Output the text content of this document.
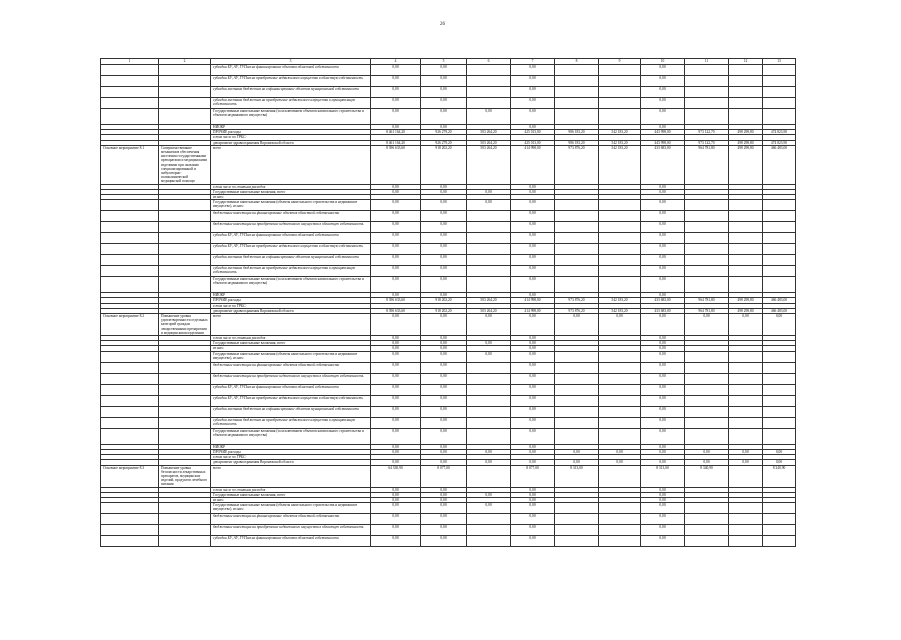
26
1	2	3	4	5	6	7	8	9	10	11	12	13
		субсидии БУ, АУ, ГУПам на финансирование объектов областной собственности	0,00	0,00		0,00			0,00			
		субсидии БУ, АУ, ГУПам на приобретение недвижимого имущества в областную собственность	0,00	0,00		0,00			0,00			
		субсидии местным бюджетам на софинансирование объектов муниципальной собственности	0,00	0,00		0,00			0,00			
		субсидии местным бюджетам на приобретение недвижимого имущества в муниципальную собственность	0,00	0,00		0,00			0,00			
		Государственные капитальные вложения (за исключением объектов капитального строительства и объектов недвижимого имущества)	0,00	0,00	0,00	0,00			0,00			
		НИОКР	0,00	0,00		0,00			0,00			
		ПРОЧИЕ расходы	8 461 164,20	926 279,20	503 264,20	425 013,00	986 183,20	542 183,20	443 998,00	973 122,70	498 298,80	474 823,90
		в том числе по ГРБС:										
		департамент здравоохранения Воронежской области	8 461 164,20	926 279,20	503 264,20	425 013,00	986 183,20	542 183,20	443 998,00	973 122,70	498 298,80	474 823,90
Основное мероприятие 8.1	Совершенствование механизмов обеспечения населения государственными препаратами и медицинскими изделиями при оказании специализированной и амбулаторно-поликлинической медицинской помощи	всего	8 396 633,60	918 202,20	503 264,20	414 998,00	973 876,20	542 183,20	433 683,00	964 781,80	498 298,80	466 483,00
		в том числе по статьям расходов	0,00	0,00		0,00			0,00			
		Государственные капитальные вложения, всего	0,00	0,00	0,00	0,00			0,00			
		из них:										
		Государственные капитальные вложения (объекты капитального строительства и недвижимое имущество), из них:	0,00	0,00	0,00	0,00			0,00			
		бюджетные инвестиции на финансирование объектов областной собственности	0,00	0,00		0,00			0,00			
		бюджетные инвестиции на приобретение недвижимого имущества в областную собственность	0,00	0,00		0,00			0,00			
		субсидии БУ, АУ, ГУПам на финансирование объектов областной собственности	0,00	0,00		0,00			0,00			
		субсидии БУ, АУ, ГУПам на приобретение недвижимого имущества в областную собственность	0,00	0,00		0,00			0,00			
		субсидии местным бюджетам на софинансирование объектов муниципальной собственности	0,00	0,00		0,00			0,00			
		субсидии местным бюджетам на приобретение недвижимого имущества в муниципальную собственность	0,00	0,00		0,00			0,00			
		Государственные капитальные вложения (за исключением объектов капитального строительства и объектов недвижимого имущества)	0,00	0,00		0,00			0,00			
		НИОКР	0,00	0,00		0,00			0,00			
		ПРОЧИЕ расходы	8 396 633,60	918 202,20	503 264,20	414 998,00	973 876,20	542 183,20	433 683,00	964 781,80	498 298,80	466 483,00
		в том числе по ГРБС:										
		департамент здравоохранения Воронежской области	8 396 633,60	918 202,20	503 264,20	414 998,00	973 876,20	542 183,20	433 683,00	964 781,80	498 298,80	466 483,00
Основное мероприятие 8.2	Повышение уровня удовлетворенности отдельных категорий граждан лекарственными препаратами и медицинскими изделиями	всего	0,00	0,00	0,00	0,00	0,00	0,00	0,00	0,00	0,00	0,00
		в том числе по статьям расходов	0,00	0,00		0,00			0,00			
		Государственные капитальные вложения, всего	0,00	0,00	0,00	0,00			0,00			
		из них:	0,00	0,00		0,00			0,00			
		Государственные капитальные вложения (объекты капитального строительства и недвижимое имущество), из них:	0,00	0,00	0,00	0,00			0,00			
		бюджетные инвестиции на финансирование объектов областной собственности	0,00	0,00		0,00			0,00			
		бюджетные инвестиции на приобретение недвижимого имущества в областную собственность	0,00	0,00		0,00			0,00			
		субсидии БУ, АУ, ГУПам на финансирование объектов областной собственности	0,00	0,00		0,00			0,00			
		субсидии БУ, АУ, ГУПам на приобретение недвижимого имущества в областную собственность	0,00	0,00		0,00			0,00			
		субсидии местным бюджетам на софинансирование объектов муниципальной собственности	0,00	0,00		0,00			0,00			
		субсидии местным бюджетам на приобретение недвижимого имущества в муниципальную собственность	0,00	0,00		0,00			0,00			
		Государственные капитальные вложения (за исключением объектов капитального строительства и объектов недвижимого имущества)	0,00	0,00		0,00			0,00			
		НИОКР	0,00	0,00		0,00			0,00			
		ПРОЧИЕ расходы	0,00	0,00	0,00	0,00	0,00	0,00	0,00	0,00	0,00	0,00
		в том числе по ГРБС:										
		департамент здравоохранения Воронежской области	0,00	0,00	0,00	0,00	0,00	0,00	0,00	0,00	0,00	0,00
Основное мероприятие 8.3	Повышение уровня безопасности лекарственных препаратов, медицинских изделий, продуктов лечебного питания	всего	64 330,90	8 077,00		8 077,00	8 313,00		8 313,00	8 340,90		8 340,90
		в том числе по статьям расходов	0,00	0,00		0,00			0,00			
		Государственные капитальные вложения, всего	0,00	0,00	0,00	0,00			0,00			
		из них:	0,00	0,00		0,00			0,00			
		Государственные капитальные вложения (объекты капитального строительства и недвижимое имущество), из них:	0,00	0,00	0,00	0,00			0,00			
		бюджетные инвестиции на финансирование объектов областной собственности	0,00	0,00		0,00			0,00			
		бюджетные инвестиции на приобретение недвижимого имущества в областную собственность	0,00	0,00		0,00			0,00			
		субсидии БУ, АУ, ГУПам на финансирование объектов областной собственности	0,00	0,00		0,00			0,00			
